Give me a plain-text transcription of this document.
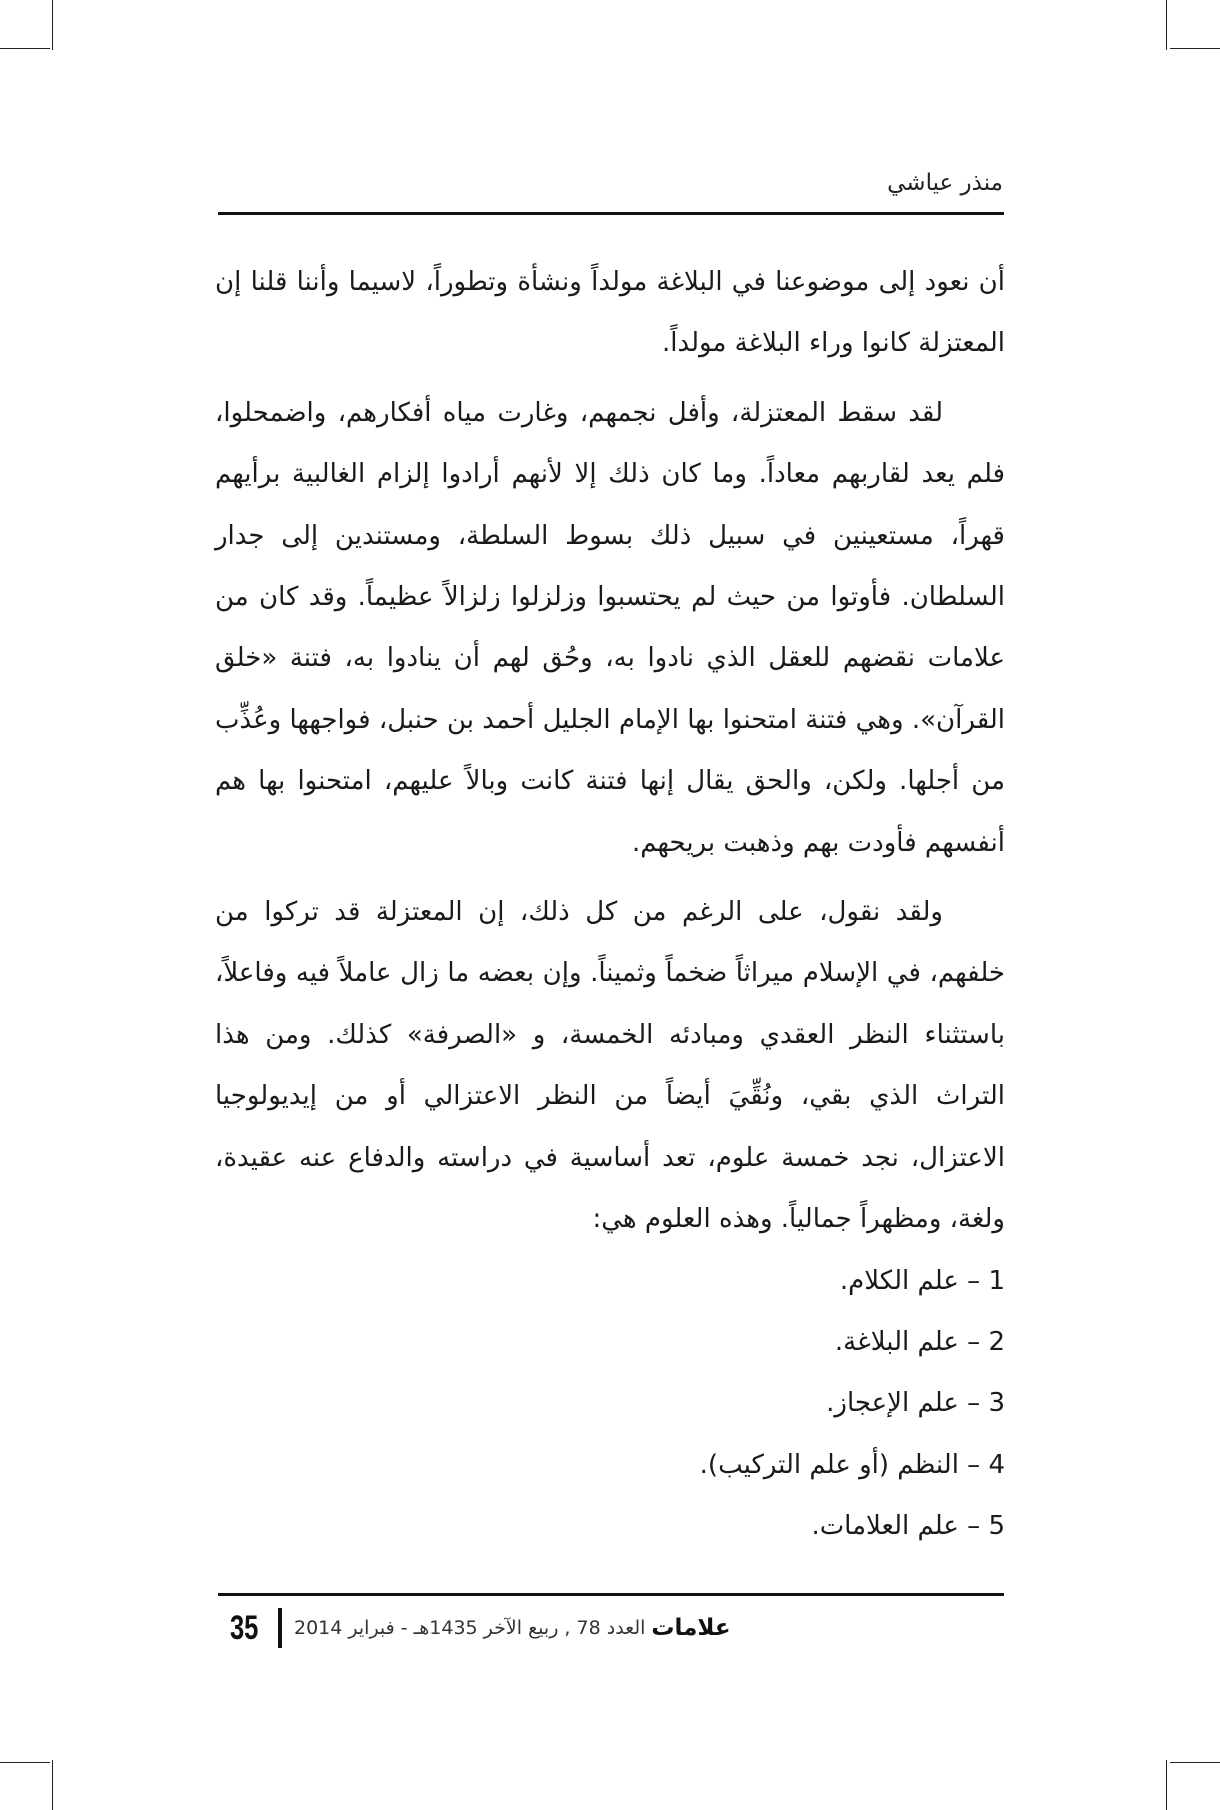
منذر عياشي

أن نعود إلى موضوعنا في البلاغة مولداً ونشأة وتطوراً، لاسيما وأننا قلنا إن المعتزلة كانوا وراء البلاغة مولداً.

لقد سقط المعتزلة، وأفل نجمهم، وغارت مياه أفكارهم، واضمحلوا، فلم يعد لقاربهم معاداً. وما كان ذلك إلا لأنهم أرادوا إلزام الغالبية برأيهم قهراً، مستعينين في سبيل ذلك بسوط السلطة، ومستندين إلى جدار السلطان. فأوتوا من حيث لم يحتسبوا وزلزلوا زلزالاً عظيماً. وقد كان من علامات نقضهم للعقل الذي نادوا به، وحُق لهم أن ينادوا به، فتنة «خلق القرآن». وهي فتنة امتحنوا بها الإمام الجليل أحمد بن حنبل، فواجهها وعُذِّب من أجلها. ولكن، والحق يقال إنها فتنة كانت وبالاً عليهم، امتحنوا بها هم أنفسهم فأودت بهم وذهبت بريحهم.

ولقد نقول، على الرغم من كل ذلك، إن المعتزلة قد تركوا من خلفهم، في الإسلام ميراثاً ضخماً وثميناً. وإن بعضه ما زال عاملاً فيه وفاعلاً، باستثناء النظر العقدي ومبادئه الخمسة، و «الصرفة» كذلك. ومن هذا التراث الذي بقي، ونُقِّيَ أيضاً من النظر الاعتزالي أو من إيديولوجيا الاعتزال، نجد خمسة علوم، تعد أساسية في دراسته والدفاع عنه عقيدة، ولغة، ومظهراً جمالياً. وهذه العلوم هي:

1 – علم الكلام.
2 – علم البلاغة.
3 – علم الإعجاز.
4 – النظم (أو علم التركيب).
5 – علم العلامات.
35 العدد 78 , ربيع الآخر 1435هـ - فبراير 2014 علامات
